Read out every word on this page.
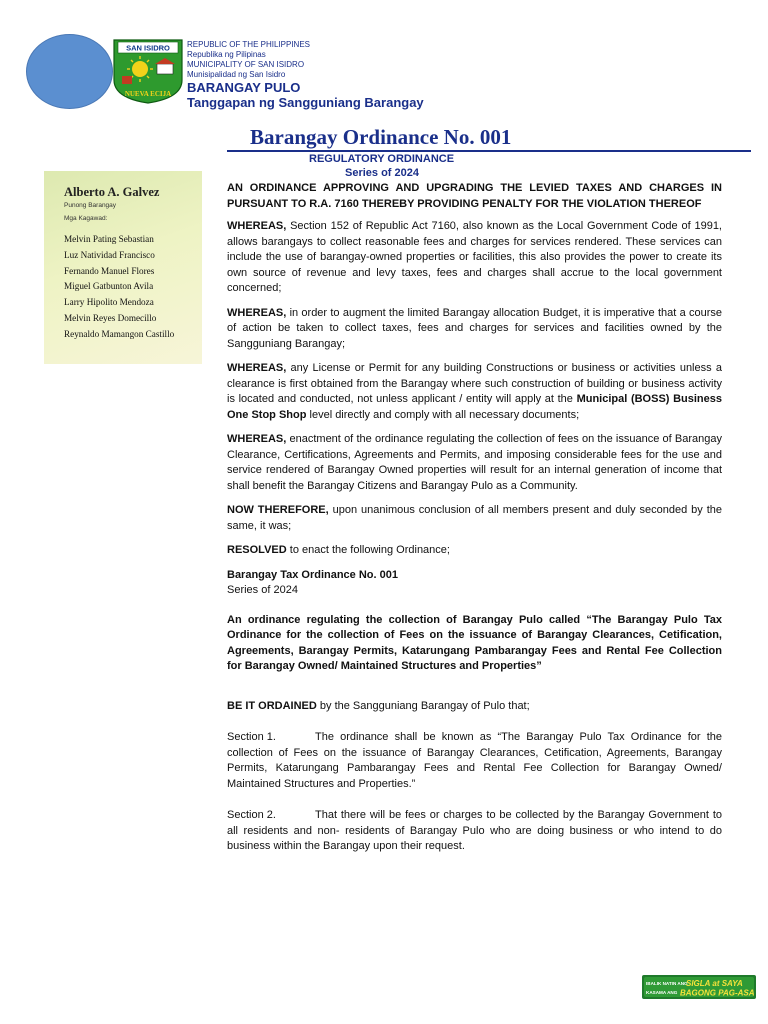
SAN ISIDRO
NUEVA ECIJA
REPUBLIC OF THE PHILIPPINES
Republika ng Pilipinas
MUNICIPALITY OF SAN ISIDRO
Munisipalidad ng San Isidro
BARANGAY PULO
Tanggapan ng Sangguniang Barangay
Barangay Ordinance No. 001
REGULATORY ORDINANCE
Series of 2024
Alberto A. Galvez
Punong Barangay
Mga Kagawad:
Melvin Pating Sebastian
Luz Natividad Francisco
Fernando Manuel Flores
Miguel Gatbunton Avila
Larry Hipolito Mendoza
Melvin Reyes Domecillo
Reynaldo Mamangon Castillo

AN ORDINANCE APPROVING AND UPGRADING THE LEVIED TAXES AND CHARGES IN PURSUANT TO R.A. 7160 THEREBY PROVIDING PENALTY FOR THE VIOLATION THEREOF

WHEREAS, Section 152 of Republic Act 7160, also known as the Local Government Code of 1991, allows barangays to collect reasonable fees and charges for services rendered. These services can include the use of barangay-owned properties or facilities, this also provides the power to create its own source of revenue and levy taxes, fees and charges shall accrue to the local government concerned;

WHEREAS, in order to augment the limited Barangay allocation Budget, it is imperative that a course of action be taken to collect taxes, fees and charges for services and facilities owned by the Sangguniang Barangay;

WHEREAS, any License or Permit for any building Constructions or business or activities unless a clearance is first obtained from the Barangay where such construction of building or business activity is located and conducted, not unless applicant / entity will apply at the Municipal (BOSS) Business One Stop Shop level directly and comply with all necessary documents;

WHEREAS, enactment of the ordinance regulating the collection of fees on the issuance of Barangay Clearance, Certifications, Agreements and Permits, and imposing considerable fees for the use and service rendered of Barangay Owned properties will result for an internal generation of income that shall benefit the Barangay Citizens and Barangay Pulo as a Community.

NOW THEREFORE, upon unanimous conclusion of all members present and duly seconded by the same, it was;

RESOLVED to enact the following Ordinance;

Barangay Tax Ordinance No. 001
Series of 2024

An ordinance regulating the collection of Barangay Pulo called “The Barangay Pulo Tax Ordinance for the collection of Fees on the issuance of Barangay Clearances, Cetification, Agreements, Barangay Permits, Katarungang Pambarangay Fees and Rental Fee Collection for Barangay Owned/ Maintained Structures and Properties”

BE IT ORDAINED by the Sangguniang Barangay of Pulo that;

Section 1.	The ordinance shall be known as “The Barangay Pulo Tax Ordinance for the collection of Fees on the issuance of Barangay Clearances, Cetification, Agreements, Barangay Permits, Katarungang Pambarangay Fees and Rental Fee Collection for Barangay Owned/ Maintained Structures and Properties.”

Section 2.	That there will be fees or charges to be collected by the Barangay Government to all residents and non- residents of Barangay Pulo who are doing business or who intend to do business within the Barangay upon their request.

IBALIK NATIN ANG
SIGLA at SAYA
KASAMA ANG BAGONG PAG-ASA
